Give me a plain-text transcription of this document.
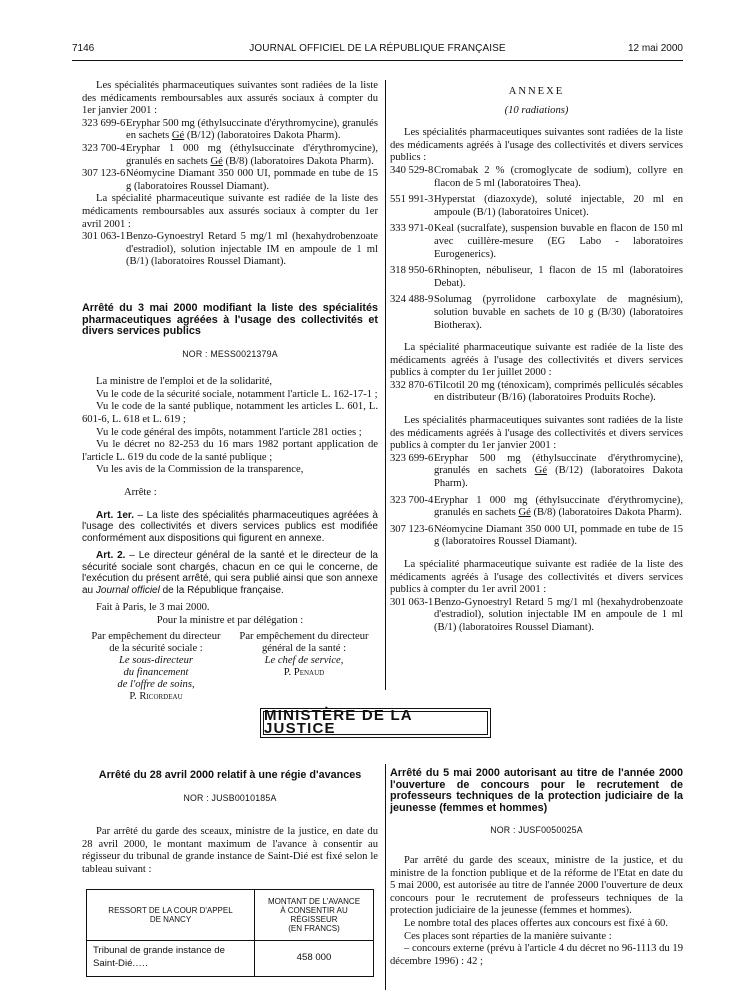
7146	JOURNAL OFFICIEL DE LA RÉPUBLIQUE FRANÇAISE	12 mai 2000

Les spécialités pharmaceutiques suivantes sont radiées de la liste des médicaments remboursables aux assurés sociaux à compter du 1er janvier 2001 :

323 699-6 Eryphar 500 mg (éthylsuccinate d'érythromycine), granulés en sachets Gé (B/12) (laboratoires Dakota Pharm).
323 700-4 Eryphar 1 000 mg (éthylsuccinate d'érythromycine), granulés en sachets Gé (B/8) (laboratoires Dakota Pharm).
307 123-6 Néomycine Diamant 350 000 UI, pommade en tube de 15 g (laboratoires Roussel Diamant).

La spécialité pharmaceutique suivante est radiée de la liste des médicaments remboursables aux assurés sociaux à compter du 1er avril 2001 :

301 063-1 Benzo-Gynoestryl Retard 5 mg/1 ml (hexahydrobenzoate d'estradiol), solution injectable IM en ampoule de 1 ml (B/1) (laboratoires Roussel Diamant).
Arrêté du 3 mai 2000 modifiant la liste des spécialités pharmaceutiques agréées à l'usage des collectivités et divers services publics
NOR : MESS0021379A

La ministre de l'emploi et de la solidarité,

Vu le code de la sécurité sociale, notamment l'article L. 162-17-1 ;

Vu le code de la santé publique, notamment les articles L. 601, L. 601-6, L. 618 et L. 619 ;

Vu le code général des impôts, notamment l'article 281 octies ;

Vu le décret no 82-253 du 16 mars 1982 portant application de l'article L. 619 du code de la santé publique ;

Vu les avis de la Commission de la transparence,

Arrête :

Art. 1er. – La liste des spécialités pharmaceutiques agréées à l'usage des collectivités et divers services publics est modifiée conformément aux dispositions qui figurent en annexe.

Art. 2. – Le directeur général de la santé et le directeur de la sécurité sociale sont chargés, chacun en ce qui le concerne, de l'exécution du présent arrêté, qui sera publié ainsi que son annexe au Journal officiel de la République française.

Fait à Paris, le 3 mai 2000.

Pour la ministre et par délégation :

Par empêchement du directeur
de la sécurité sociale :
Le sous-directeur
du financement
de l'offre de soins,
P. Ricordeau
Par empêchement du directeur
général de la santé :
Le chef de service,
P. Penaud
ANNEXE
(10 radiations)

Les spécialités pharmaceutiques suivantes sont radiées de la liste des médicaments agréés à l'usage des collectivités et divers services publics :

340 529-8 Cromabak 2 % (cromoglycate de sodium), collyre en flacon de 5 ml (laboratoires Thea).
551 991-3 Hyperstat (diazoxyde), soluté injectable, 20 ml en ampoule (B/1) (laboratoires Unicet).
333 971-0 Keal (sucralfate), suspension buvable en flacon de 150 ml avec cuillère-mesure (EG Labo - laboratoires Eurogenerics).
318 950-6 Rhinopten, nébuliseur, 1 flacon de 15 ml (laboratoires Debat).
324 488-9 Solumag (pyrrolidone carboxylate de magnésium), solution buvable en sachets de 10 g (B/30) (laboratoires Biotherax).

La spécialité pharmaceutique suivante est radiée de la liste des médicaments agréés à l'usage des collectivités et divers services publics à compter du 1er juillet 2000 :

332 870-6 Tilcotil 20 mg (ténoxicam), comprimés pelliculés sécables en distributeur (B/16) (laboratoires Produits Roche).

Les spécialités pharmaceutiques suivantes sont radiées de la liste des médicaments agréés à l'usage des collectivités et divers services publics à compter du 1er janvier 2001 :

323 699-6 Eryphar 500 mg (éthylsuccinate d'érythromycine), granulés en sachets Gé (B/12) (laboratoires Dakota Pharm).
323 700-4 Eryphar 1 000 mg (éthylsuccinate d'érythromycine), granulés en sachets Gé (B/8) (laboratoires Dakota Pharm).
307 123-6 Néomycine Diamant 350 000 UI, pommade en tube de 15 g (laboratoires Roussel Diamant).

La spécialité pharmaceutique suivante est radiée de la liste des médicaments agréés à l'usage des collectivités et divers services publics à compter du 1er avril 2001 :

301 063-1 Benzo-Gynoestryl Retard 5 mg/1 ml (hexahydrobenzoate d'estradiol), solution injectable IM en ampoule de 1 ml (B/1) (laboratoires Roussel Diamant).
MINISTÈRE DE LA JUSTICE
Arrêté du 28 avril 2000 relatif à une régie d'avances
NOR : JUSB0010185A

Par arrêté du garde des sceaux, ministre de la justice, en date du 28 avril 2000, le montant maximum de l'avance à consentir au régisseur du tribunal de grande instance de Saint-Dié est fixé selon le tableau suivant :

RESSORT DE LA COUR D'APPEL
DE NANCY	MONTANT DE L'AVANCE
À CONSENTIR AU RÉGISSEUR
(EN FRANCS)
Tribunal de grande instance de Saint-Dié.....	458 000
Arrêté du 5 mai 2000 autorisant au titre de l'année 2000 l'ouverture de concours pour le recrutement de professeurs techniques de la protection judiciaire de la jeunesse (femmes et hommes)
NOR : JUSF0050025A

Par arrêté du garde des sceaux, ministre de la justice, et du ministre de la fonction publique et de la réforme de l'Etat en date du 5 mai 2000, est autorisée au titre de l'année 2000 l'ouverture de deux concours pour le recrutement de professeurs techniques de la protection judiciaire de la jeunesse (femmes et hommes).

Le nombre total des places offertes aux concours est fixé à 60.

Ces places sont réparties de la manière suivante :

– concours externe (prévu à l'article 4 du décret no 96-1113 du 19 décembre 1996) : 42 ;
